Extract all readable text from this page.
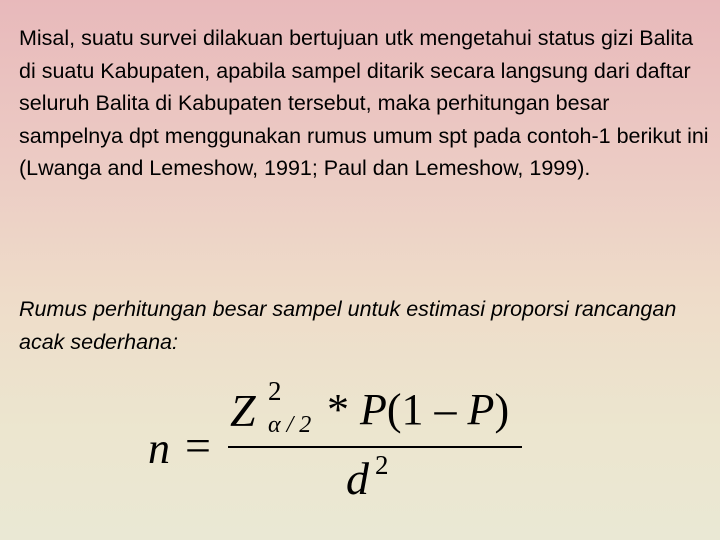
Misal, suatu survei dilakuan bertujuan utk mengetahui status gizi Balita di suatu Kabupaten, apabila sampel ditarik secara langsung dari daftar seluruh Balita di Kabupaten tersebut, maka perhitungan besar sampelnya dpt menggunakan rumus umum spt pada contoh-1 berikut ini (Lwanga and Lemeshow, 1991; Paul dan Lemeshow, 1999).

Rumus perhitungan besar sampel untuk estimasi proporsi rancangan acak sederhana:

n =
Z 2
α / 2 * P(1 – P)
d 2
